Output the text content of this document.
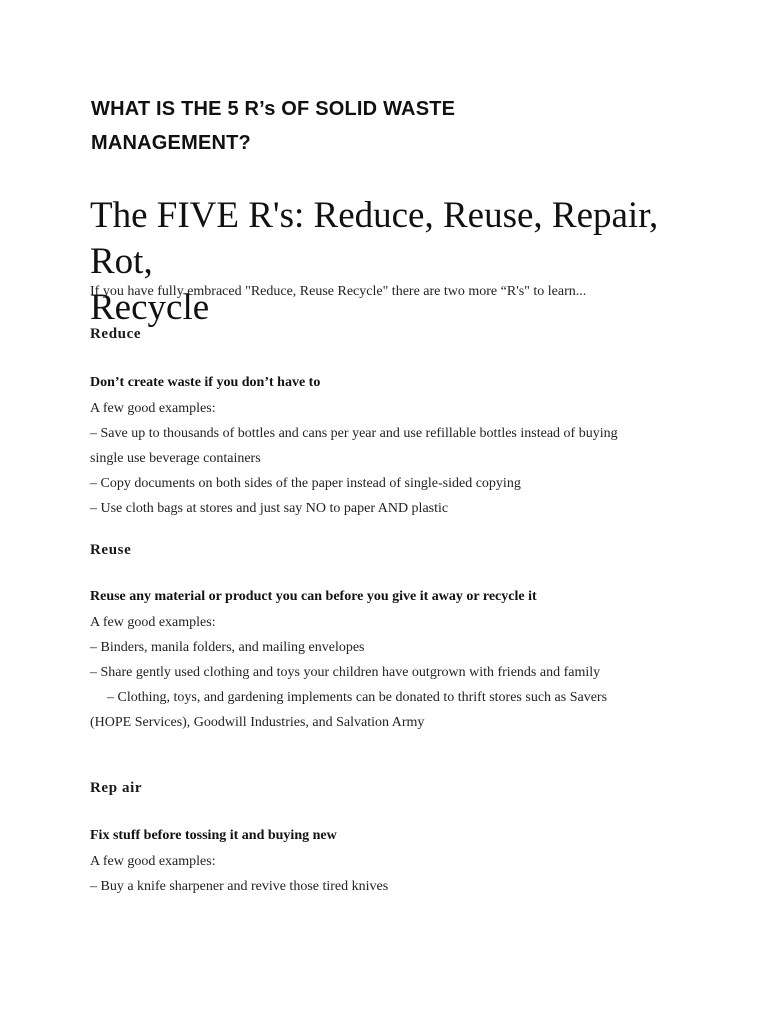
WHAT IS THE 5 R’s OF SOLID WASTE
MANAGEMENT?
The FIVE R's: Reduce, Reuse, Repair, Rot,
Recycle

If you have fully embraced "Reduce, Reuse Recycle" there are two more “R's" to learn...

Reduce

Don’t create waste if you don’t have to

A few good examples:

– Save up to thousands of bottles and cans per year and use refillable bottles instead of buying

single use beverage containers

– Copy documents on both sides of the paper instead of single-sided copying

– Use cloth bags at stores and just say NO to paper AND plastic

Reuse

Reuse any material or product you can before you give it away or recycle it

A few good examples:

– Binders, manila folders, and mailing envelopes

– Share gently used clothing and toys your children have outgrown with friends and family

– Clothing, toys, and gardening implements can be donated to thrift stores such as Savers

(HOPE Services), Goodwill Industries, and Salvation Army

Rep air

Fix stuff before tossing it and buying new

A few good examples:

– Buy a knife sharpener and revive those tired knives
